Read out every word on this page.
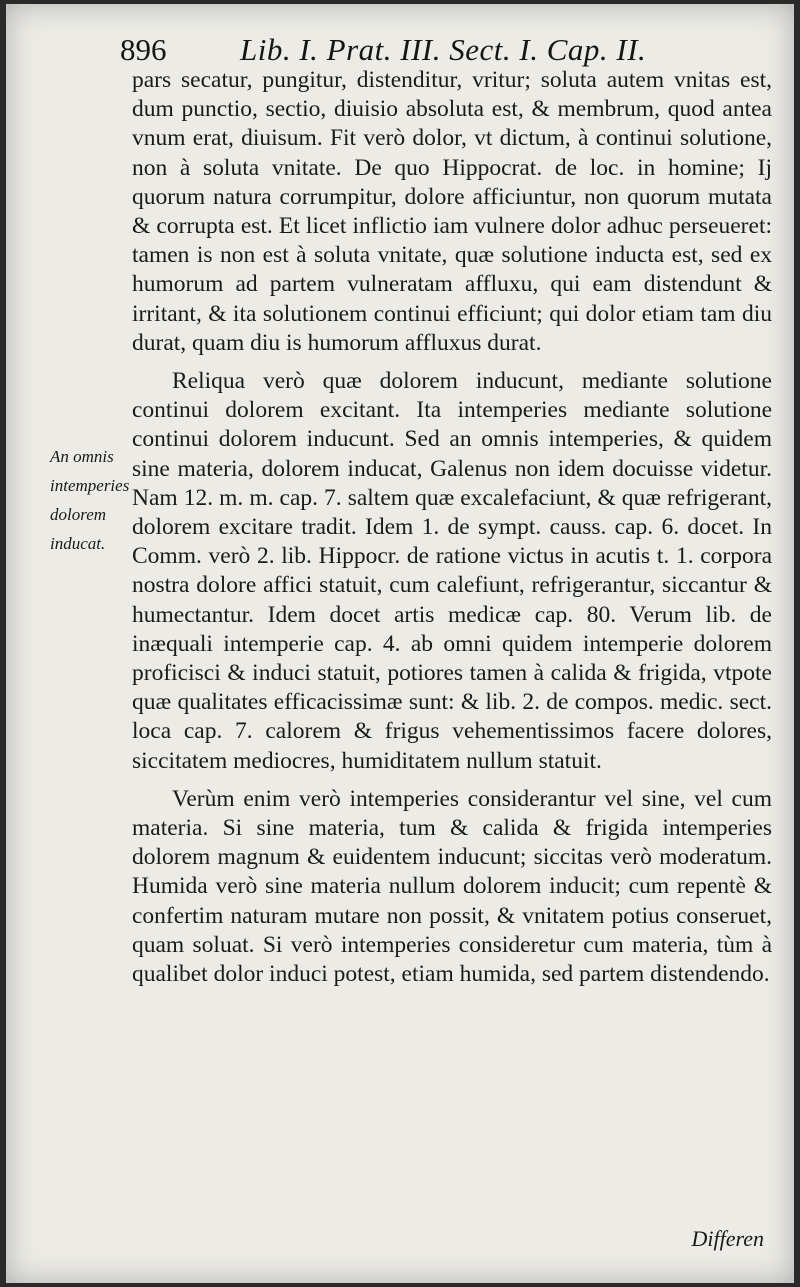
896 Lib. I. Prat. III. Sect. I. Cap. II.
An omnis intemperies dolorem inducat.

pars secatur, pungitur, distenditur, vritur; soluta autem vnitas est, dum punctio, sectio, diuisio absoluta est, & membrum, quod antea vnum erat, diuisum. Fit verò dolor, vt dictum, à continui solutione, non à soluta vnitate. De quo Hippocrat. de loc. in homine; Ij quorum natura corrumpitur, dolore afficiuntur, non quorum mutata & corrupta est. Et licet inflictio iam vulnere dolor adhuc perseueret: tamen is non est à soluta vnitate, quæ solutione inducta est, sed ex humorum ad partem vulneratam affluxu, qui eam distendunt & irritant, & ita solutionem continui efficiunt; qui dolor etiam tam diu durat, quam diu is humorum affluxus durat.

Reliqua verò quæ dolorem inducunt, mediante solutione continui dolorem excitant. Ita intemperies mediante solutione continui dolorem inducunt. Sed an omnis intemperies, & quidem sine materia, dolorem inducat, Galenus non idem docuisse videtur. Nam 12. m. m. cap. 7. saltem quæ excalefaciunt, & quæ refrigerant, dolorem excitare tradit. Idem 1. de sympt. causs. cap. 6. docet. In Comm. verò 2. lib. Hippocr. de ratione victus in acutis t. 1. corpora nostra dolore affici statuit, cum calefiunt, refrigerantur, siccantur & humectantur. Idem docet artis medicæ cap. 80. Verum lib. de inæquali intemperie cap. 4. ab omni quidem intemperie dolorem proficisci & induci statuit, potiores tamen à calida & frigida, vtpote quæ qualitates efficacissimæ sunt: & lib. 2. de compos. medic. sect. loca cap. 7. calorem & frigus vehementissimos facere dolores, siccitatem mediocres, humiditatem nullum statuit.

Verùm enim verò intemperies considerantur vel sine, vel cum materia. Si sine materia, tum & calida & frigida intemperies dolorem magnum & euidentem inducunt; siccitas verò moderatum. Humida verò sine materia nullum dolorem inducit; cum repentè & confertim naturam mutare non possit, & vnitatem potius conseruet, quam soluat. Si verò intemperies consideretur cum materia, tùm à qualibet dolor induci potest, etiam humida, sed partem distendendo.

Differen
